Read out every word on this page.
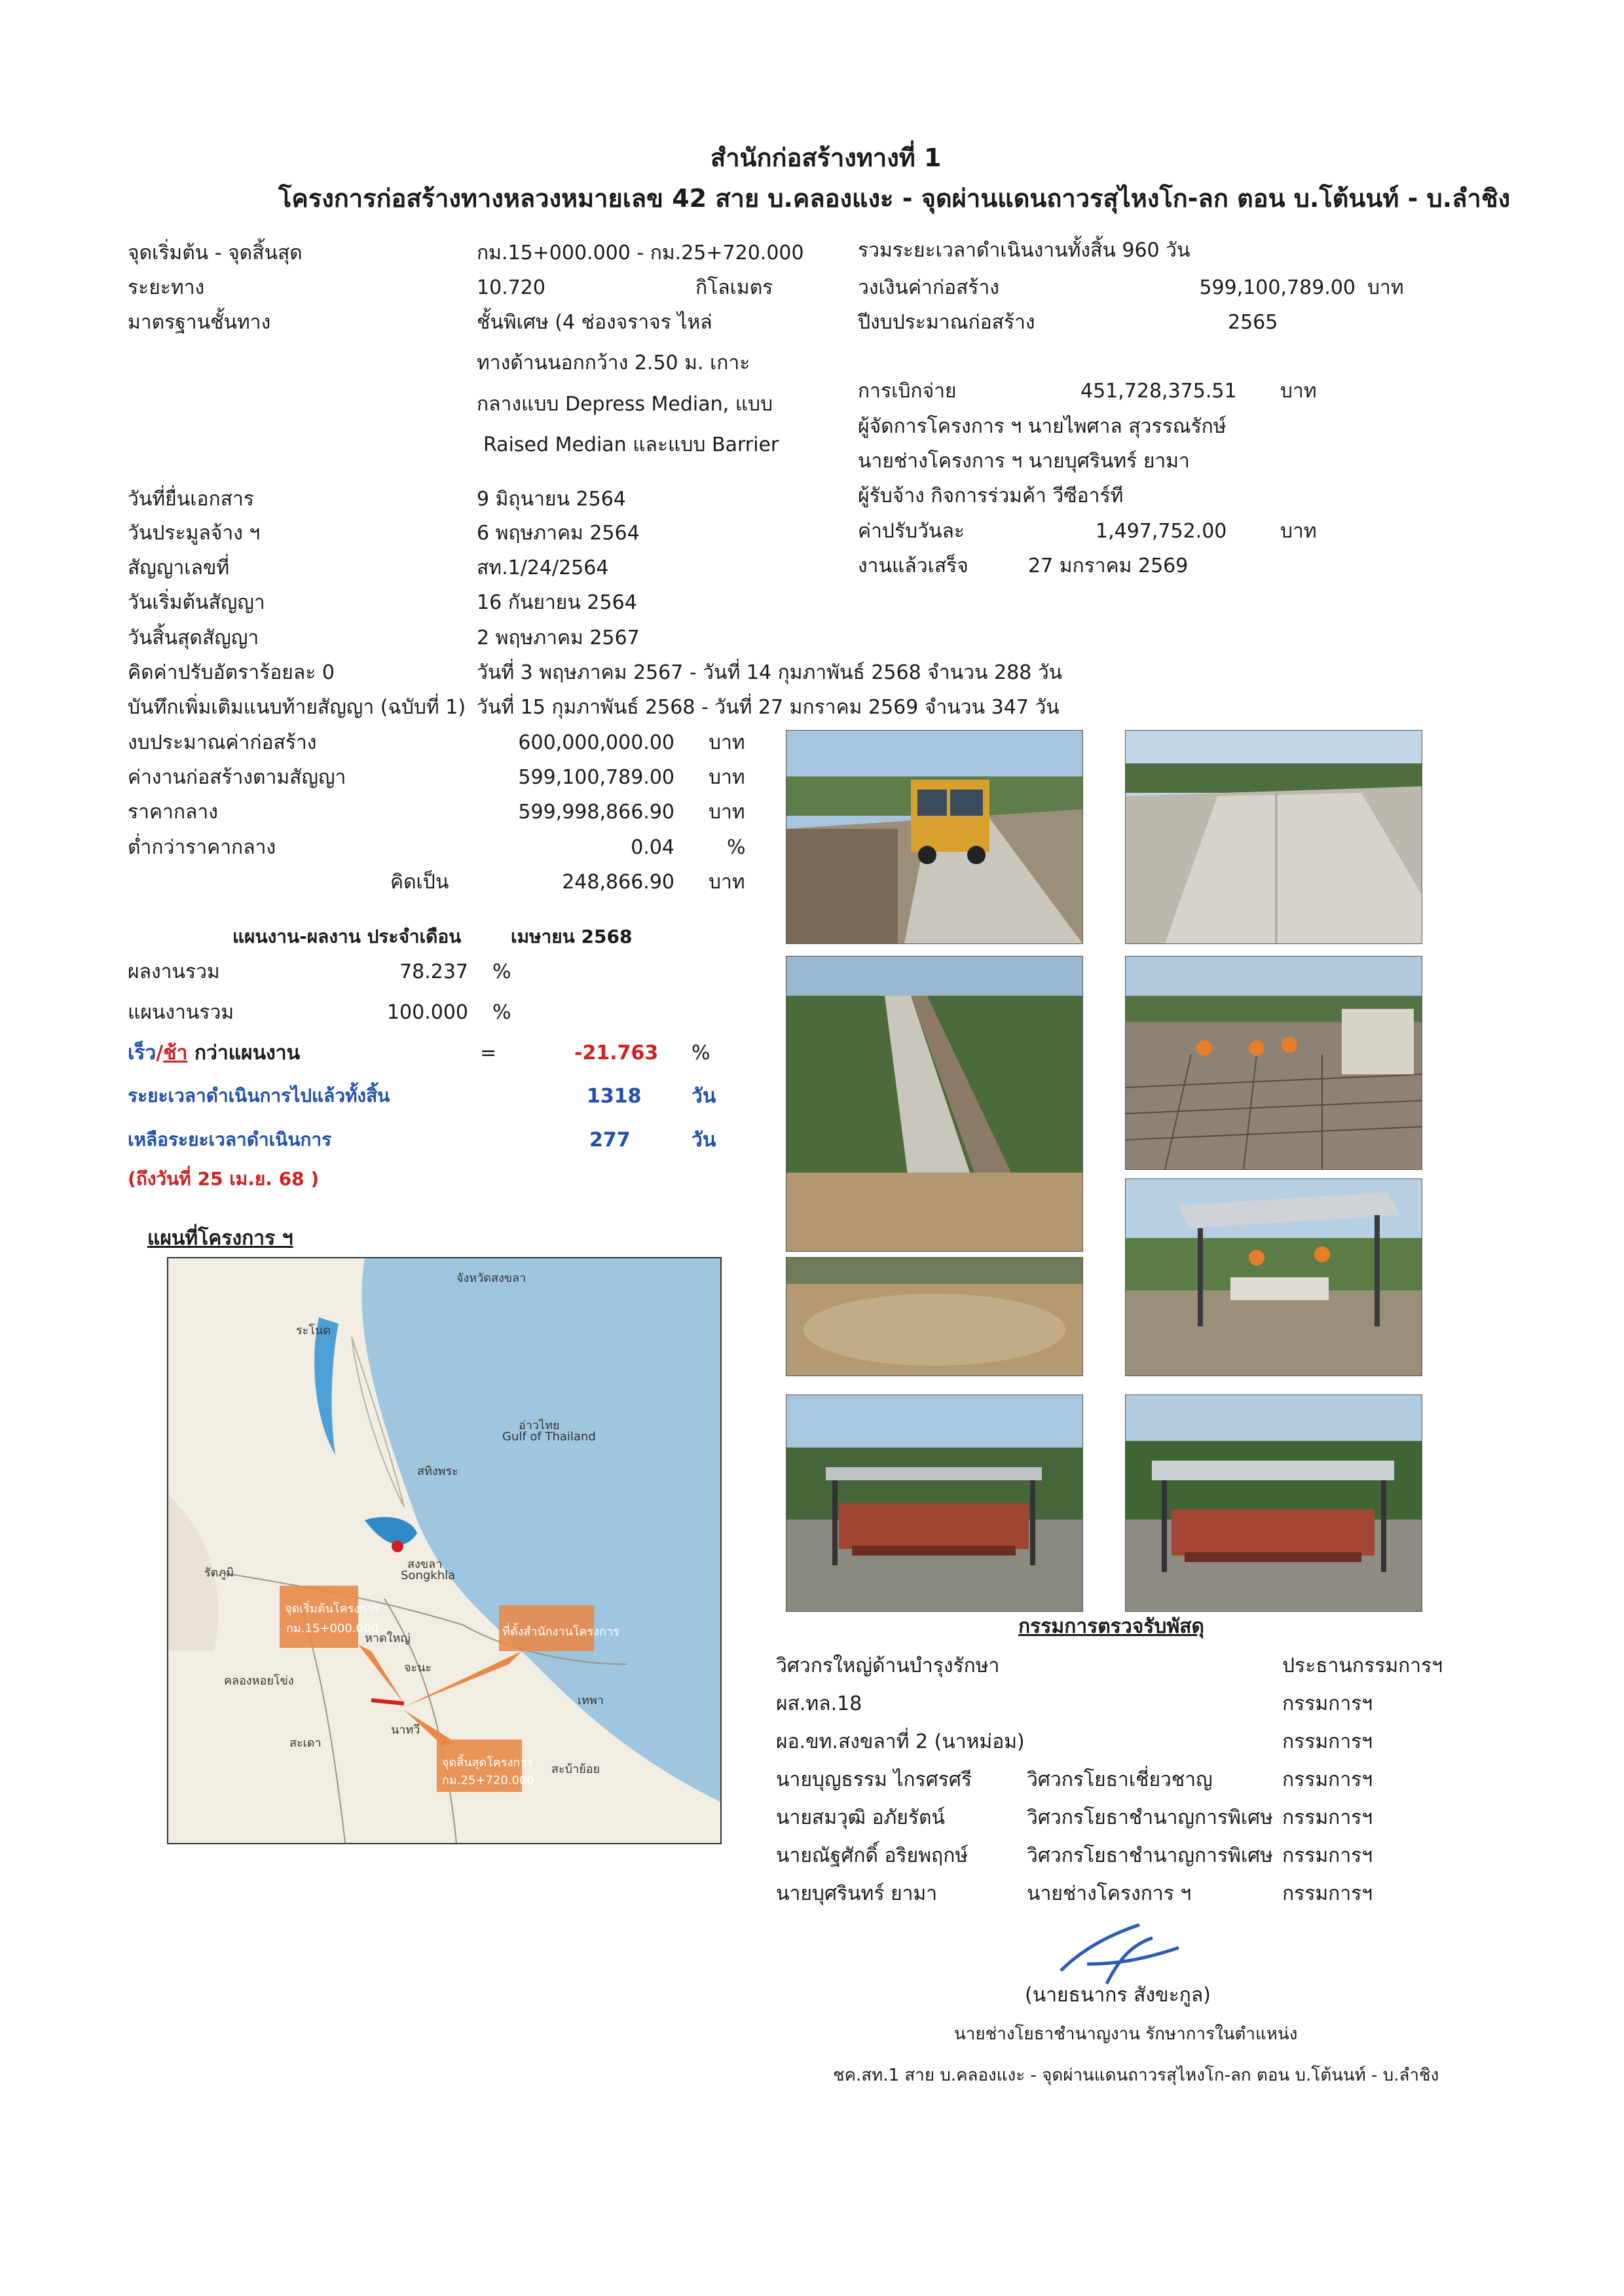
สำนักก่อสร้างทางที่ 1
โครงการก่อสร้างทางหลวงหมายเลข 42 สาย บ.คลองแงะ - จุดผ่านแดนถาวรสุไหงโก-ลก ตอน บ.โต้นนท์ - บ.ลำชิง
จุดเริ่มต้น - จุดสิ้นสุด	กม.15+000.000 - กม.25+720.000
ระยะทาง	10.720	กิโลเมตร
มาตรฐานชั้นทาง	ชั้นพิเศษ (4 ช่องจราจร ไหล่
ทางด้านนอกกว้าง 2.50 ม. เกาะ
กลางแบบ Depress Median, แบบ
Raised Median และแบบ Barrier
วันที่ยื่นเอกสาร	9 มิถุนายน 2564
วันประมูลจ้าง ฯ	6 พฤษภาคม 2564
สัญญาเลขที่	สท.1/24/2564
วันเริ่มต้นสัญญา	16 กันยายน 2564
วันสิ้นสุดสัญญา	2 พฤษภาคม 2567
คิดค่าปรับอัตราร้อยละ 0	วันที่ 3 พฤษภาคม 2567 - วันที่ 14 กุมภาพันธ์ 2568 จำนวน 288 วัน
บันทึกเพิ่มเติมแนบท้ายสัญญา (ฉบับที่ 1) วันที่ 15 กุมภาพันธ์ 2568 - วันที่ 27 มกราคม 2569 จำนวน 347 วัน
งบประมาณค่าก่อสร้าง	600,000,000.00 บาท
ค่างานก่อสร้างตามสัญญา	599,100,789.00 บาท
ราคากลาง	599,998,866.90 บาท
ต่ำกว่าราคากลาง	0.04	%
คิดเป็น	248,866.90 บาท
รวมระยะเวลาดำเนินงานทั้งสิ้น 960 วัน
วงเงินค่าก่อสร้าง	599,100,789.00 บาท
ปีงบประมาณก่อสร้าง	2565
การเบิกจ่าย	451,728,375.51 บาท
ผู้จัดการโครงการ ฯ นายไพศาล สุวรรณรักษ์
นายช่างโครงการ ฯ นายบุศรินทร์ ยามา
ผู้รับจ้าง กิจการร่วมค้า วีซีอาร์ที
ค่าปรับวันละ	1,497,752.00	บาท
งานแล้วเสร็จ	27 มกราคม 2569
แผนงาน-ผลงาน ประจำเดือน	เมษายน 2568
ผลงานรวม	78.237 %
แผนงานรวม	100.000 %
เร็ว/ช้า กว่าแผนงาน	=	-21.763 %
ระยะเวลาดำเนินการไปแล้วทั้งสิ้น	1318	วัน
เหลือระยะเวลาดำเนินการ	277	วัน
(ถึงวันที่ 25 เม.ย. 68 )
แผนที่โครงการ ฯ
จังหวัดสงขลา
ระโนด
อ่าวไทย
Gulf of Thailand
สทิงพระ
สงขลา
Songkhla
รัตภูมิ
หาดใหญ่
คลองหอยโข่ง
จะนะ
เทพา
สะเดา
นาทวี
สะบ้าย้อย
จุดเริ่มต้นโครงการ
กม.15+000.000	ที่ตั้งสำนักงานโครงการ
จุดสิ้นสุดโครงการ
กม.25+720.000
กรรมการตรวจรับพัสดุ
วิศวกรใหญ่ด้านบำรุงรักษา	ประธานกรรมการฯ
ผส.ทล.18	กรรมการฯ
ผอ.ขท.สงขลาที่ 2 (นาหม่อม)	กรรมการฯ
นายบุญธรรม ไกรศรศรี	วิศวกรโยธาเชี่ยวชาญ	กรรมการฯ
นายสมวุฒิ อภัยรัตน์	วิศวกรโยธาชำนาญการพิเศษ กรรมการฯ
นายณัฐศักดิ์ อริยพฤกษ์	วิศวกรโยธาชำนาญการพิเศษ กรรมการฯ
นายบุศรินทร์ ยามา	นายช่างโครงการ ฯ	กรรมการฯ
(นายธนากร สังขะกูล)
นายช่างโยธาชำนาญงาน รักษาการในตำแหน่ง
ชค.สท.1 สาย บ.คลองแงะ - จุดผ่านแดนถาวรสุไหงโก-ลก ตอน บ.โต้นนท์ - บ.ลำชิง
